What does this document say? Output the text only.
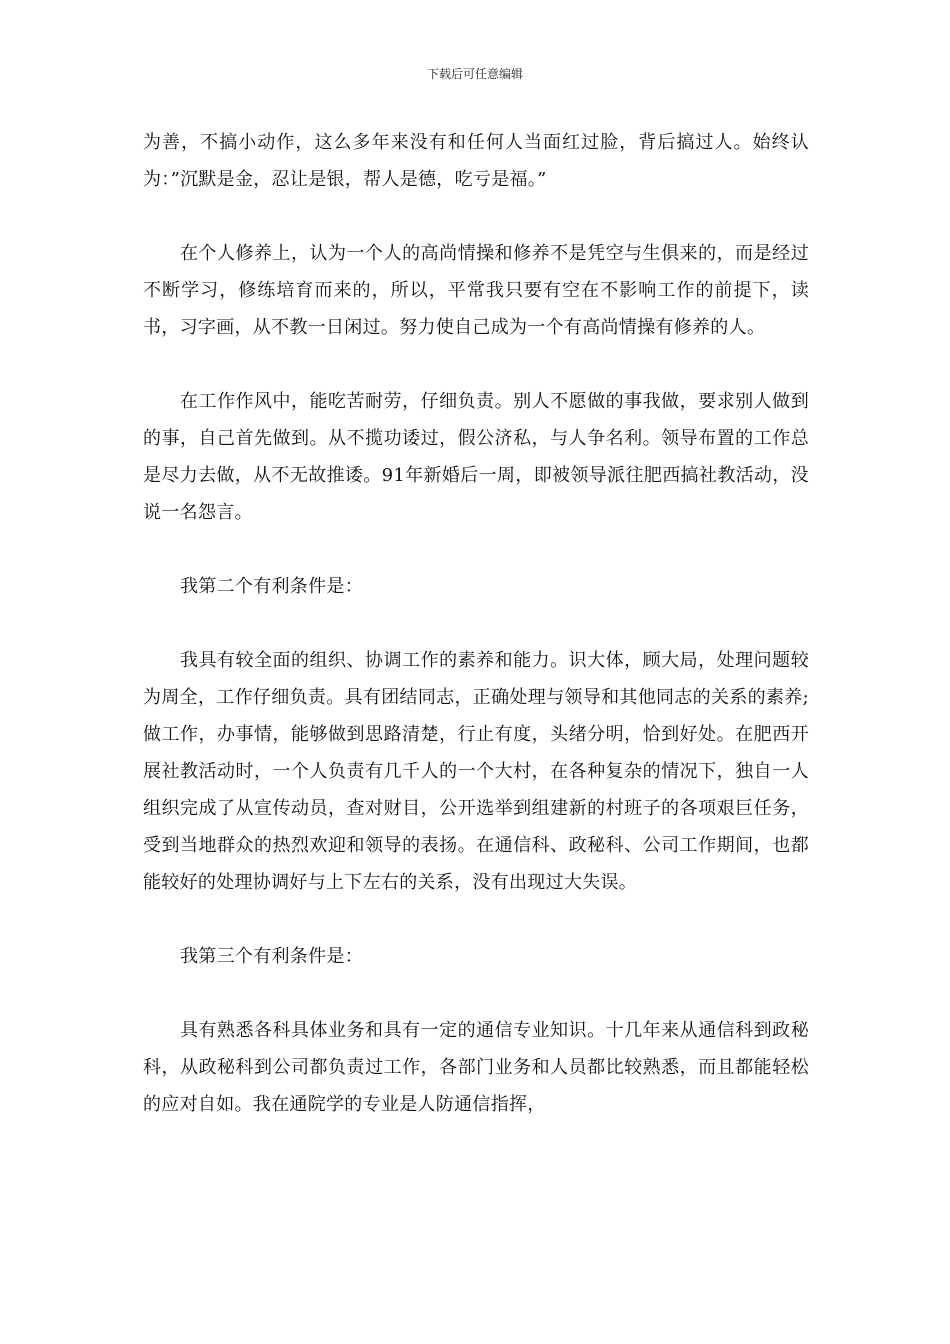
下载后可任意编辑

为善，不搞小动作，这么多年来没有和任何人当面红过脸，背后搞过人。始终认为：”沉默是金，忍让是银，帮人是德，吃亏是福。”

在个人修养上，认为一个人的高尚情操和修养不是凭空与生俱来的，而是经过不断学习，修练培育而来的，所以，平常我只要有空在不影响工作的前提下，读书，习字画，从不教一日闲过。努力使自己成为一个有高尚情操有修养的人。

在工作作风中，能吃苦耐劳，仔细负责。别人不愿做的事我做，要求别人做到的事，自己首先做到。从不揽功诿过，假公济私，与人争名利。领导布置的工作总是尽力去做，从不无故推诿。91年新婚后一周，即被领导派往肥西搞社教活动，没说一名怨言。

我第二个有利条件是：

我具有较全面的组织、协调工作的素养和能力。识大体，顾大局，处理问题较为周全，工作仔细负责。具有团结同志，正确处理与领导和其他同志的关系的素养;做工作，办事情，能够做到思路清楚，行止有度，头绪分明，恰到好处。在肥西开展社教活动时，一个人负责有几千人的一个大村，在各种复杂的情况下，独自一人组织完成了从宣传动员，查对财目，公开选举到组建新的村班子的各项艰巨任务，受到当地群众的热烈欢迎和领导的表扬。在通信科、政秘科、公司工作期间，也都能较好的处理协调好与上下左右的关系，没有出现过大失误。

我第三个有利条件是：

具有熟悉各科具体业务和具有一定的通信专业知识。十几年来从通信科到政秘科，从政秘科到公司都负责过工作，各部门业务和人员都比较熟悉，而且都能轻松的应对自如。我在通院学的专业是人防通信指挥，
